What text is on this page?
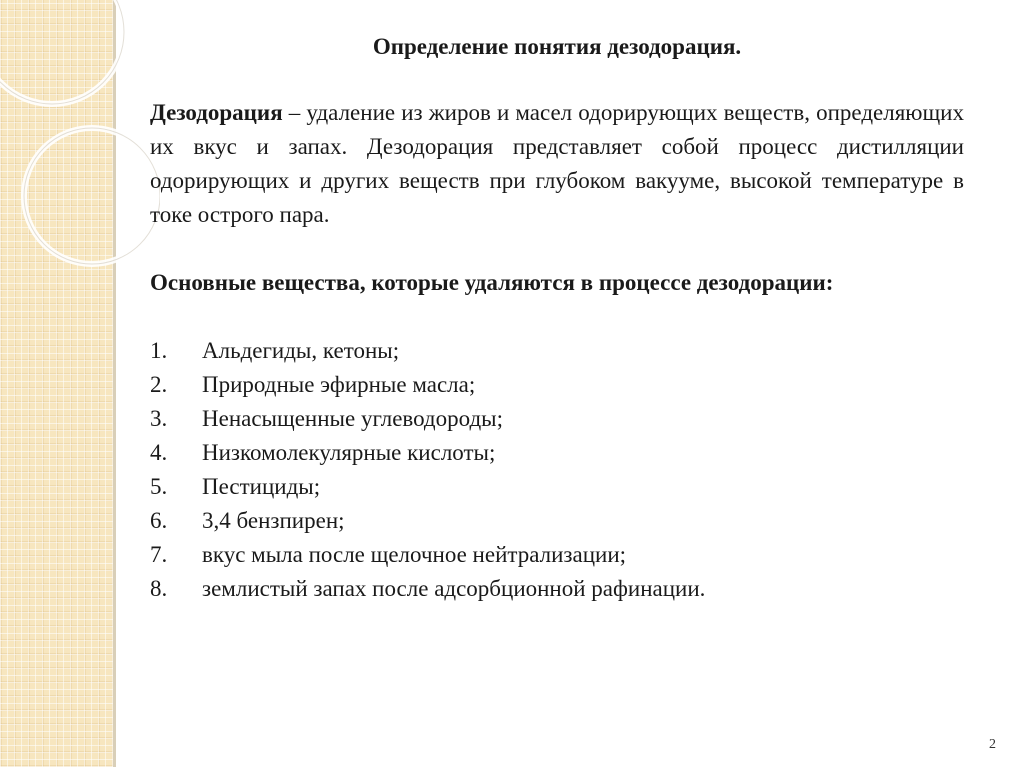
Определение понятия дезодорация.

Дезодорация – удаление из жиров и масел одорирующих веществ, определяющих их вкус и запах. Дезодорация представляет собой процесс дистилляции одорирующих и других веществ при глубоком вакууме, высокой температуре в токе острого пара.

Основные вещества, которые удаляются в процессе дезодорации:

1.	Альдегиды, кетоны;
2.	Природные эфирные масла;
3.	Ненасыщенные углеводороды;
4.	Низкомолекулярные кислоты;
5.	Пестициды;
6.	3,4 бензпирен;
7.	вкус мыла после щелочное нейтрализации;
8.	землистый запах после адсорбционной рафинации.
2
